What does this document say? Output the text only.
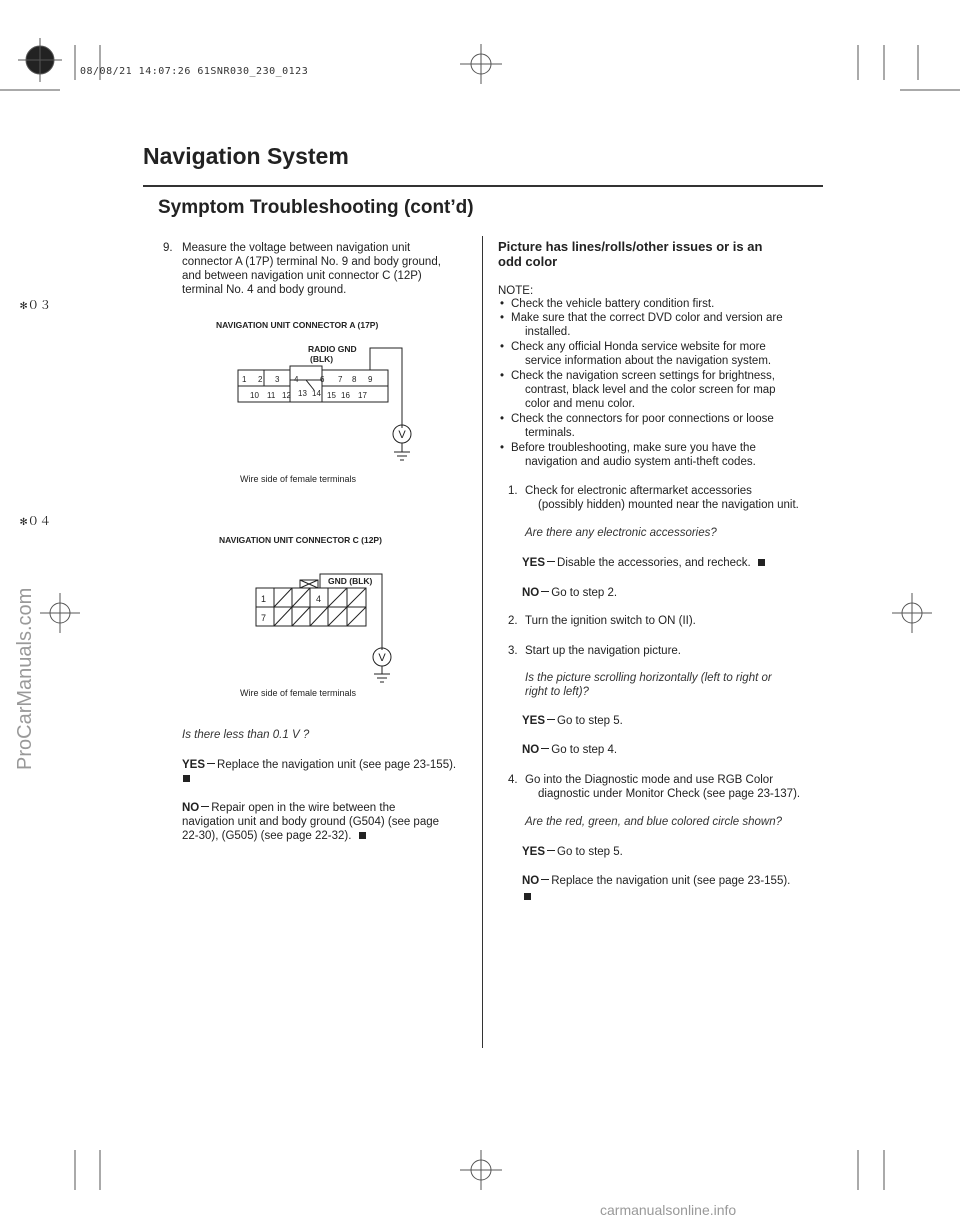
08/08/21 14:07:26 61SNR030_230_0123
✻０３
✻０４
Navigation System
Symptom Troubleshooting (cont’d)
9. Measure the voltage between navigation unit
connector A (17P) terminal No. 9 and body ground,
and between navigation unit connector C (12P)
terminal No. 4 and body ground.
NAVIGATION UNIT CONNECTOR A (17P)
RADIO GND
(BLK)
V
1 2 3 4	6 7 8 9
10 11 12 13 14 15 16 17
Wire side of female terminals
NAVIGATION UNIT CONNECTOR C (12P)
GND (BLK)
V
1	4
7
Wire side of female terminals
Is there less than 0.1 V ?
YES Replace the navigation unit (see page 23-155).
NO Repair open in the wire between the
navigation unit and body ground (G504) (see page
22-30), (G505) (see page 22-32).
Picture has lines/rolls/other issues or is an
odd color
NOTE:
• Check the vehicle battery condition first.
• Make sure that the correct DVD color and version are
installed.
• Check any official Honda service website for more
service information about the navigation system.
• Check the navigation screen settings for brightness,
contrast, black level and the color screen for map
color and menu color.
• Check the connectors for poor connections or loose
terminals.
• Before troubleshooting, make sure you have the
navigation and audio system anti-theft codes.
1. Check for electronic aftermarket accessories
(possibly hidden) mounted near the navigation unit.
Are there any electronic accessories?
YES Disable the accessories, and recheck.
NO Go to step 2.
2. Turn the ignition switch to ON (II).
3. Start up the navigation picture.
Is the picture scrolling horizontally (left to right or
right to left)?
YES Go to step 5.
NO Go to step 4.
4. Go into the Diagnostic mode and use RGB Color
diagnostic under Monitor Check (see page 23-137).
Are the red, green, and blue colored circle shown?
YES Go to step 5.
NO Replace the navigation unit (see page 23-155).
ProCarManuals.com
carmanualsonline.info
